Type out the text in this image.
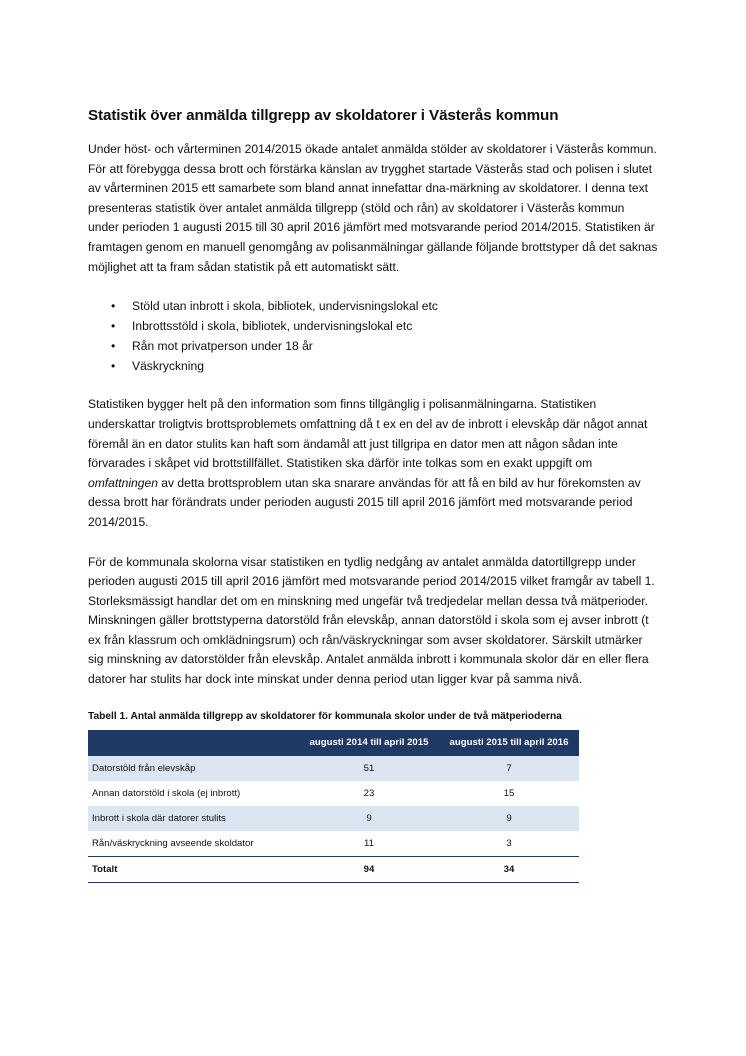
Statistik över anmälda tillgrepp av skoldatorer i Västerås kommun

Under höst- och vårterminen 2014/2015 ökade antalet anmälda stölder av skoldatorer i Västerås kommun. För att förebygga dessa brott och förstärka känslan av trygghet startade Västerås stad och polisen i slutet av vårterminen 2015 ett samarbete som bland annat innefattar dna-märkning av skoldatorer. I denna text presenteras statistik över antalet anmälda tillgrepp (stöld och rån) av skoldatorer i Västerås kommun under perioden 1 augusti 2015 till 30 april 2016 jämfört med motsvarande period 2014/2015. Statistiken är framtagen genom en manuell genomgång av polisanmälningar gällande följande brottstyper då det saknas möjlighet att ta fram sådan statistik på ett automatiskt sätt.

• Stöld utan inbrott i skola, bibliotek, undervisningslokal etc
• Inbrottsstöld i skola, bibliotek, undervisningslokal etc
• Rån mot privatperson under 18 år
• Väskryckning

Statistiken bygger helt på den information som finns tillgänglig i polisanmälningarna. Statistiken underskattar troligtvis brottsproblemets omfattning då t ex en del av de inbrott i elevskåp där något annat föremål än en dator stulits kan haft som ändamål att just tillgripa en dator men att någon sådan inte förvarades i skåpet vid brottstillfället. Statistiken ska därför inte tolkas som en exakt uppgift om omfattningen av detta brottsproblem utan ska snarare användas för att få en bild av hur förekomsten av dessa brott har förändrats under perioden augusti 2015 till april 2016 jämfört med motsvarande period 2014/2015.

För de kommunala skolorna visar statistiken en tydlig nedgång av antalet anmälda datortillgrepp under perioden augusti 2015 till april 2016 jämfört med motsvarande period 2014/2015 vilket framgår av tabell 1. Storleksmässigt handlar det om en minskning med ungefär två tredjedelar mellan dessa två mätperioder. Minskningen gäller brottstyperna datorstöld från elevskåp, annan datorstöld i skola som ej avser inbrott (t ex från klassrum och omklädningsrum) och rån/väskryckningar som avser skoldatorer. Särskilt utmärker sig minskning av datorstölder från elevskåp. Antalet anmälda inbrott i kommunala skolor där en eller flera datorer har stulits har dock inte minskat under denna period utan ligger kvar på samma nivå.

Tabell 1. Antal anmälda tillgrepp av skoldatorer för kommunala skolor under de två mätperioderna
	augusti 2014 till april 2015	augusti 2015 till april 2016
Datorstöld från elevskåp	51	7
Annan datorstöld i skola (ej inbrott)	23	15
Inbrott i skola där datorer stulits	9	9
Rån/väskryckning avseende skoldator	11	3
Totalt	94	34
